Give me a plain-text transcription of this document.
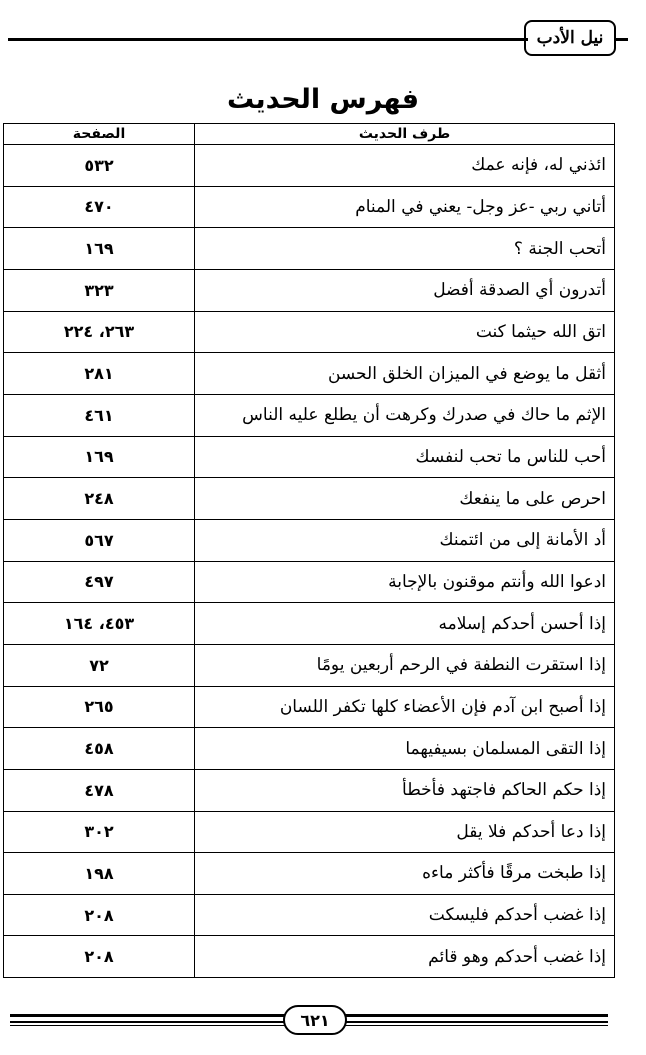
نيل الأدب
فهرس الحديث
طرف الحديث
ائذني له، فإنه عمك
أتاني ربي -عز وجل- يعني في المنام
أتحب الجنة ؟
أتدرون أي الصدقة أفضل
اتق الله حيثما كنت
أثقل ما يوضع في الميزان الخلق الحسن
الإثم ما حاك في صدرك وكرهت أن يطلع عليه الناس
أحب للناس ما تحب لنفسك
احرص على ما ينفعك
أد الأمانة إلى من ائتمنك
ادعوا الله وأنتم موقنون بالإجابة
إذا أحسن أحدكم إسلامه
إذا استقرت النطفة في الرحم أربعين يومًا
إذا أصبح ابن آدم فإن الأعضاء كلها تكفر اللسان
إذا التقى المسلمان بسيفيهما
إذا حكم الحاكم فاجتهد فأخطأ
إذا دعا أحدكم فلا يقل
إذا طبخت مرقًا فأكثر ماءه
إذا غضب أحدكم فليسكت
إذا غضب أحدكم وهو قائم
الصفحة
٥٣٢
٤٧٠
١٦٩
٣٢٣
٢٦٣، ٢٢٤
٢٨١
٤٦١
١٦٩
٢٤٨
٥٦٧
٤٩٧
٤٥٣، ١٦٤
٧٢
٢٦٥
٤٥٨
٤٧٨
٣٠٢
١٩٨
٢٠٨
٢٠٨
٦٢١
